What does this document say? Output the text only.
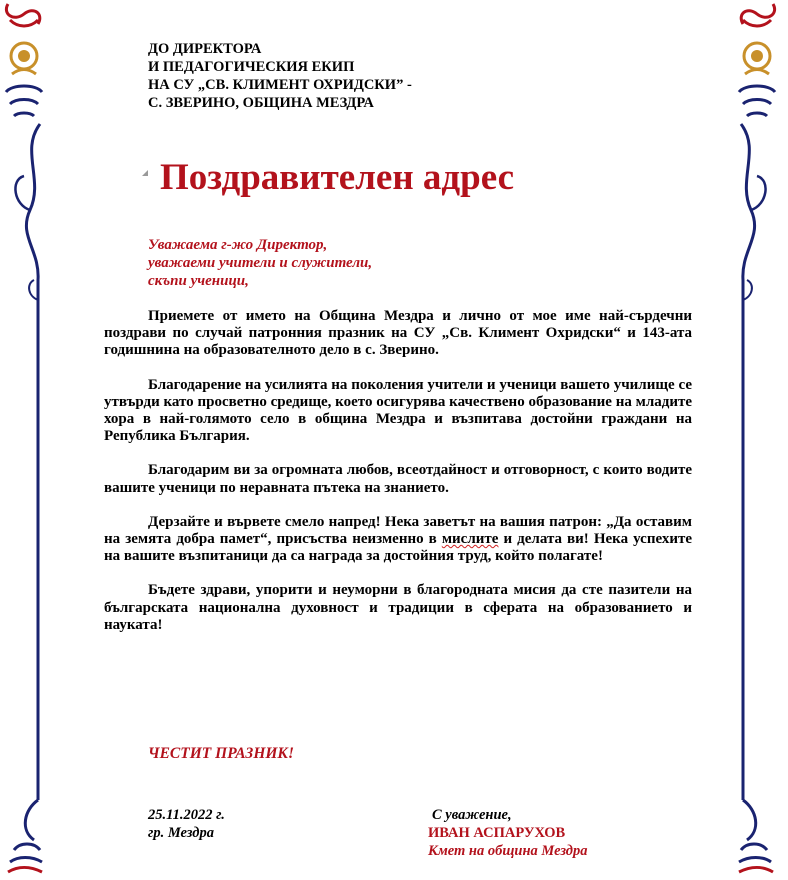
ДО ДИРЕКТОРА
И ПЕДАГОГИЧЕСКИЯ ЕКИП
НА СУ „СВ. КЛИМЕНТ ОХРИДСКИ” -
С. ЗВЕРИНО, ОБЩИНА МЕЗДРА
Поздравителен адрес
Уважаема г-жо Директор,
уважаеми учители и служители,
скъпи ученици,

Приемете от името на Община Мездра и лично от мое име най-сърдечни поздрави по случай патронния празник на СУ „Св. Климент Охридски“ и 143-ата годишнина на образователното дело в с. Зверино.

Благодарение на усилията на поколения учители и ученици вашето училище се утвърди като просветно средище, което осигурява качествено образование на младите хора в най-голямото село в община Мездра и възпитава достойни граждани на Република България.

Благодарим ви за огромната любов, всеотдайност и отговорност, с които водите вашите ученици по неравната пътека на знанието.

Дерзайте и вървете смело напред! Нека заветът на вашия патрон: „Да оставим на земята добра памет“, присъства неизменно в мислите и делата ви! Нека успехите на вашите възпитаници да са награда за достойния труд, който полагате!

Бъдете здрави, упорити и неуморни в благородната мисия да сте пазители на българската национална духовност и традиции в сферата на образованието и науката!

ЧЕСТИТ ПРАЗНИК!
25.11.2022 г.
гр. Мездра
С уважение,
ИВАН АСПАРУХОВ
Кмет на община Мездра
